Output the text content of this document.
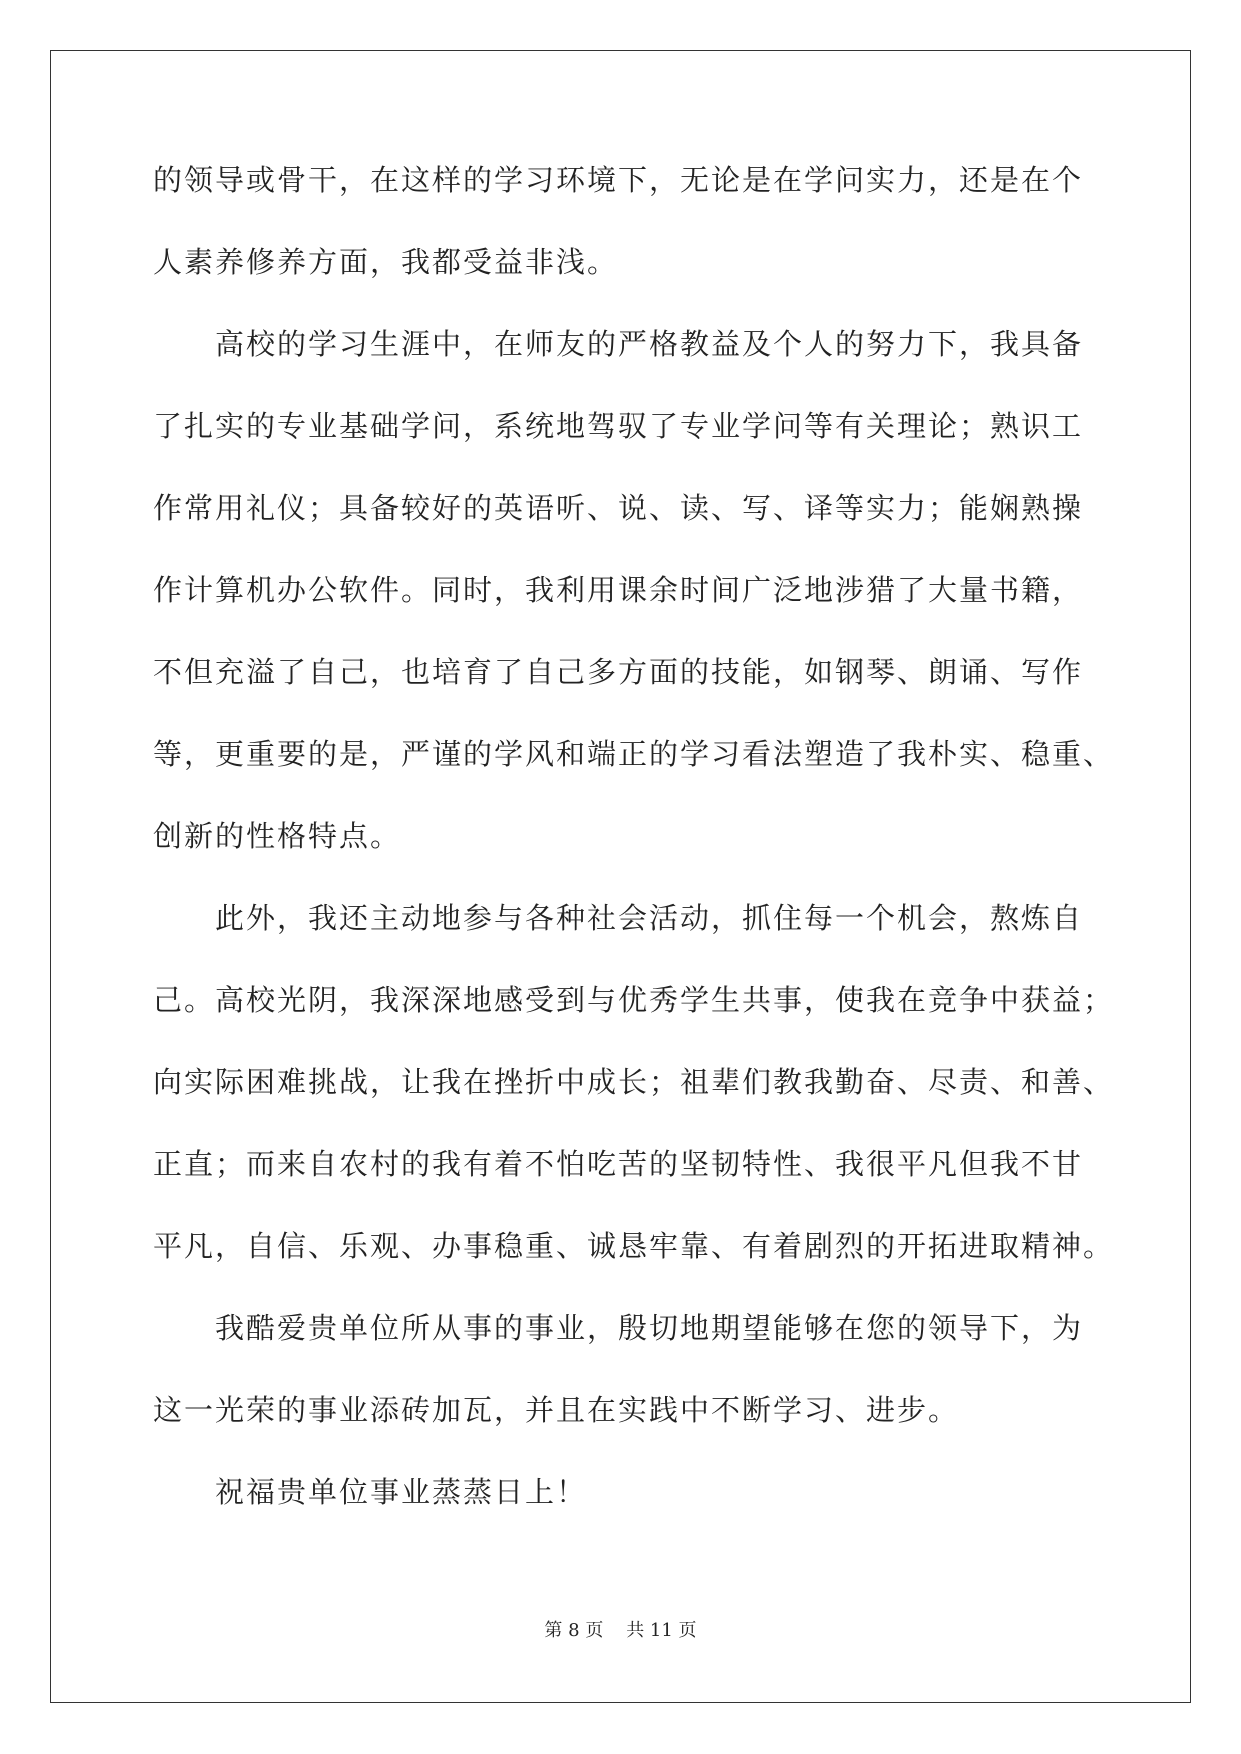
的领导或骨干，在这样的学习环境下，无论是在学问实力，还是在个
人素养修养方面，我都受益非浅。
高校的学习生涯中，在师友的严格教益及个人的努力下，我具备
了扎实的专业基础学问，系统地驾驭了专业学问等有关理论；熟识工
作常用礼仪；具备较好的英语听、说、读、写、译等实力；能娴熟操
作计算机办公软件。同时，我利用课余时间广泛地涉猎了大量书籍，
不但充溢了自己，也培育了自己多方面的技能，如钢琴、朗诵、写作
等，更重要的是，严谨的学风和端正的学习看法塑造了我朴实、稳重、
创新的性格特点。
此外，我还主动地参与各种社会活动，抓住每一个机会，熬炼自
己。高校光阴，我深深地感受到与优秀学生共事，使我在竞争中获益；
向实际困难挑战，让我在挫折中成长；祖辈们教我勤奋、尽责、和善、
正直；而来自农村的我有着不怕吃苦的坚韧特性、我很平凡但我不甘
平凡，自信、乐观、办事稳重、诚恳牢靠、有着剧烈的开拓进取精神。
我酷爱贵单位所从事的事业，殷切地期望能够在您的领导下，为
这一光荣的事业添砖加瓦，并且在实践中不断学习、进步。
祝福贵单位事业蒸蒸日上！
第 8 页    共 11 页
